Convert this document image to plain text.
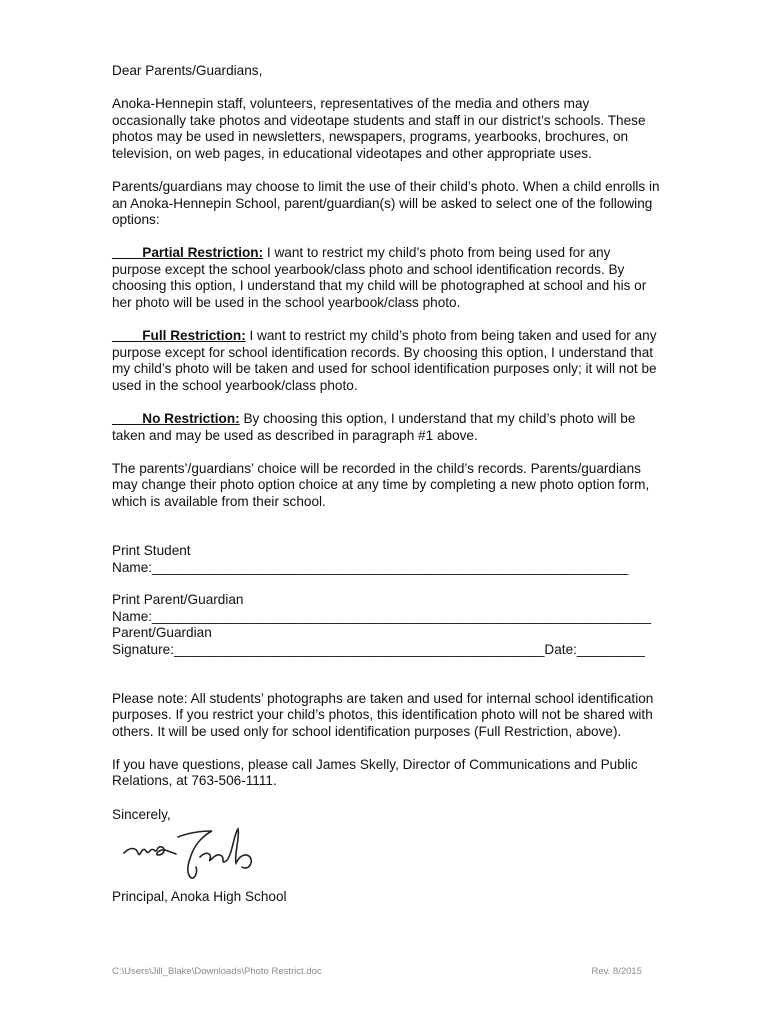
Dear Parents/Guardians,

Anoka-Hennepin staff, volunteers, representatives of the media and others may occasionally take photos and videotape students and staff in our district’s schools. These photos may be used in newsletters, newspapers, programs, yearbooks, brochures, on television, on web pages, in educational videotapes and other appropriate uses.

Parents/guardians may choose to limit the use of their child’s photo. When a child enrolls in an Anoka-Hennepin School, parent/guardian(s) will be asked to select one of the following options:

____Partial Restriction: I want to restrict my child’s photo from being used for any purpose except the school yearbook/class photo and school identification records. By choosing this option, I understand that my child will be photographed at school and his or her photo will be used in the school yearbook/class photo.

____Full Restriction: I want to restrict my child’s photo from being taken and used for any purpose except for school identification records. By choosing this option, I understand that my child’s photo will be taken and used for school identification purposes only; it will not be used in the school yearbook/class photo.

____No Restriction: By choosing this option, I understand that my child’s photo will be taken and may be used as described in paragraph #1 above.

The parents’/guardians’ choice will be recorded in the child’s records. Parents/guardians may change their photo option choice at any time by completing a new photo option form, which is available from their school.

Print Student
Name:_______________________________________________________________
Print Parent/Guardian
Name:__________________________________________________________________
Parent/Guardian
Signature:_________________________________________________Date:_________

Please note: All students’ photographs are taken and used for internal school identification purposes. If you restrict your child’s photos, this identification photo will not be shared with others. It will be used only for school identification purposes (Full Restriction, above).

If you have questions, please call James Skelly, Director of Communications and Public Relations, at 763-506-1111.

Sincerely,

Principal, Anoka High School

C:\Users\Jill_Blake\Downloads\Photo Restrict.doc	Rev. 8/2015
